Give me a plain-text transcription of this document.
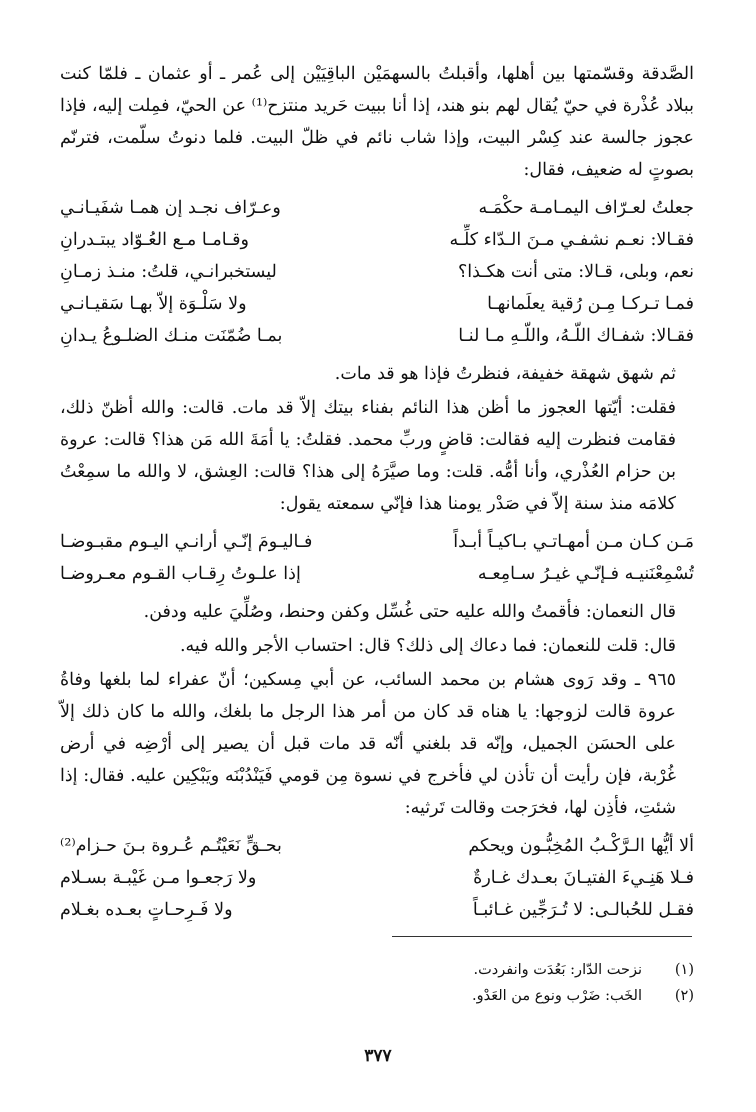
الصَّدقة وقسّمتها بين أهلها، وأقبلتُ بالسهمَيْن الباقِيَيْن إلى عُمر ـ أو عثمان ـ فلمّا كنت ببلاد عُذْرة في حيّ يُقال لهم بنو هند، إذا أنا ببيت حَريد منتزح⁽¹⁾ عن الحيّ، فمِلت إليه، فإذا عجوز جالسة عند كِسْر البيت، وإذا شاب نائم في ظلّ البيت. فلما دنوتُ سلّمت، فترنّم بصوتٍ له ضعيف، فقال:

جعلتُ لعـرّاف اليمـامـة حكْمَـه
وعـرّاف نجـد إن همـا شفَيـانـي
فقـالا: نعـم نشفـي مـنَ الـدّاء كلِّـه
وقـامـا مـع العُـوّاد يبتـدرانِ
نعم، وبلى، قـالا: متى أنت هكـذا؟
ليستخبرانـي، قلتُ: منـذ زمـانِ
فمـا تـركـا مِـن رُقية يعلَمانهـا
ولا سَلْـوَة إلاّ بهـا سَقيـانـي
فقـالا: شفـاك اللّـهُ، واللّـهِ مـا لنـا
بمـا ضُمّنَت منـك الضلـوعُ يـدانِ

ثم شهق شهقة خفيفة، فنظرتُ فإذا هو قد مات.

فقلت: أيّتها العجوز ما أظن هذا النائم بفناء بيتك إلاّ قد مات. قالت: والله أظنّ ذلك، فقامت فنظرت إليه فقالت: قاضٍ وربِّ محمد. فقلتُ: يا أمَةَ الله مَن هذا؟ قالت: عروة بن حزام العُذْري، وأنا أمُّه. قلت: وما صيَّرَهُ إلى هذا؟ قالت: العِشق، لا والله ما سمِعْتُ كلامَه منذ سنة إلاّ في صَدْر يومنا هذا فإنّي سمعته يقول:

مَـن كـان مـن أمهـاتـي بـاكيـاً أبـداً
فـاليـومَ إنّـي أرانـي اليـوم مقبـوضـا
تُسْمِعْنَنيـه فـإنّـي غيـرُ سـامِعـه
إذا علـوتُ رِقـاب القـوم معـروضـا

قال النعمان: فأقمتُ والله عليه حتى غُسِّل وكفن وحنط، وصُلِّيَ عليه ودفن.

قال: قلت للنعمان: فما دعاك إلى ذلك؟ قال: احتساب الأجر والله فيه.

٩٦٥ ـ وقد رَوى هشام بن محمد السائب، عن أبي مِسكين؛ أنّ عفراء لما بلغها وفاةُ عروة قالت لزوجها: يا هناه قد كان من أمر هذا الرجل ما بلغك، والله ما كان ذلك إلاّ على الحسَن الجميل، وإنّه قد بلغني أنّه قد مات قبل أن يصير إلى أرْضِه في أرض غُرْبة، فإن رأيت أن تأذن لي فأخرج في نسوة مِن قومي فَيَنْدُبْنَه ويَبْكِين عليه. فقال: إذا شئتِ، فأذِن لها، فخرَجت وقالت تَرثيه:

ألا أيُّها الـرَّكْـبُ المُخِبُّـون ويحكم
بحـقٍّ نَعَيْتُـم عُـروة بـنَ حـزام⁽²⁾
فـلا هَنِـيءَ الفتيـانَ بعـدك غـارةٌ
ولا رَجعـوا مـن غَيْبـة بسـلام
فقـل للحُبالـى: لا تُـرَجِّين غـائبـاً
ولا فَـرِحـاتٍ بعـده بغـلام
(١)
نزحت الدّار: بَعُدَت وانفردت.
(٢)
الخَب: ضَرْب ونوع من العَدْو.
٣٧٧
